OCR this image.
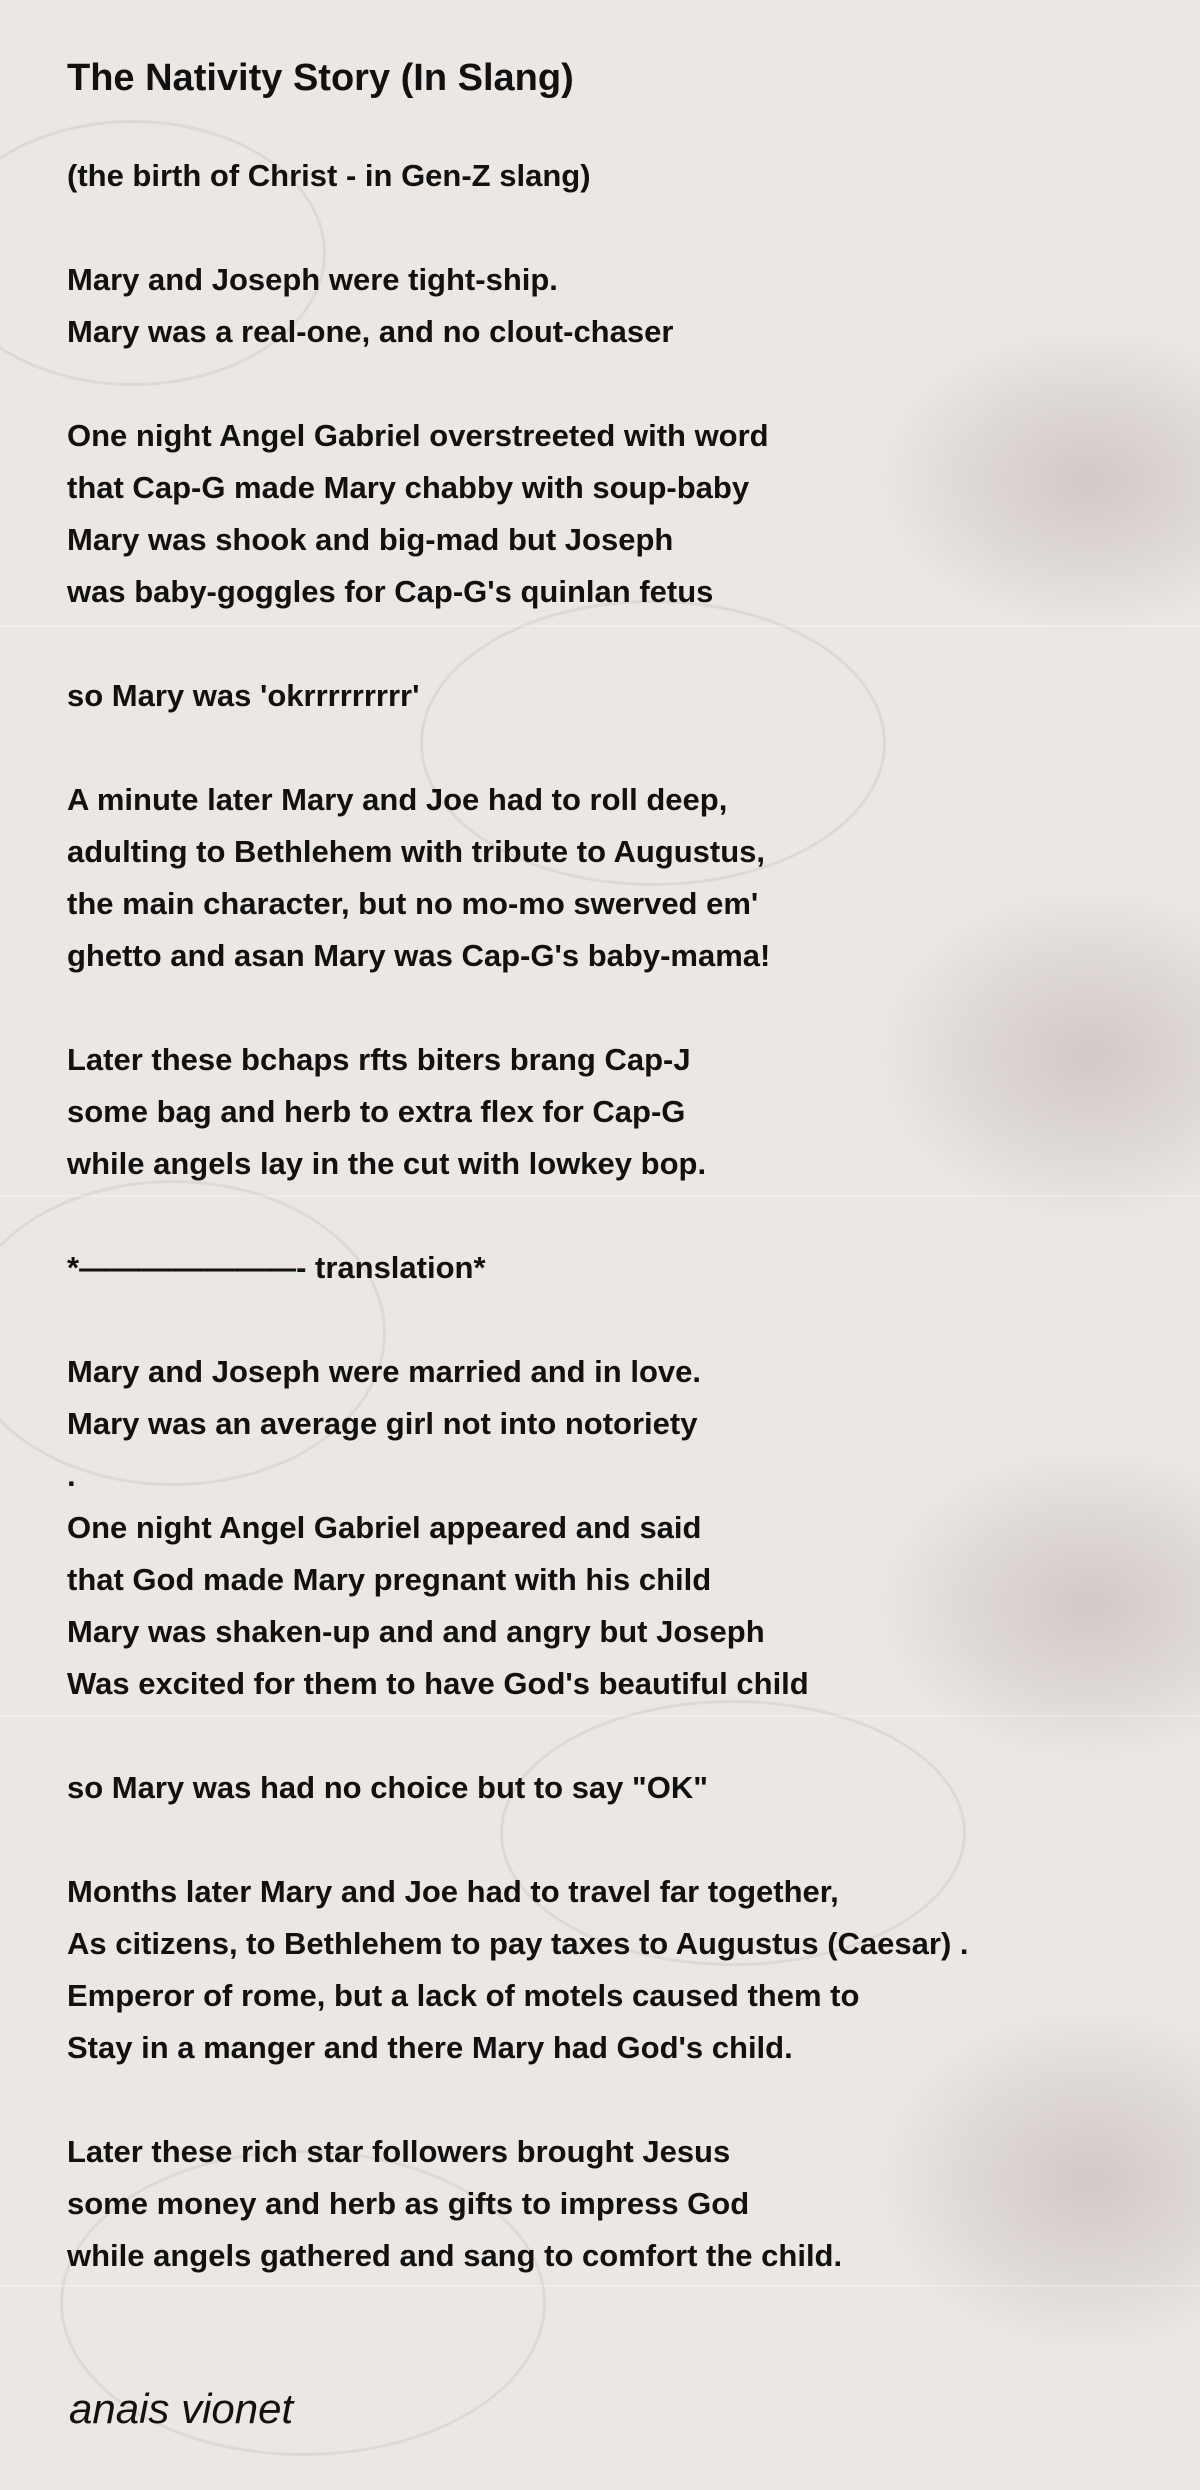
The Nativity Story (In Slang)
(the birth of Christ - in Gen-Z slang)
Mary and Joseph were tight-ship.
Mary was a real-one, and no clout-chaser
One night Angel Gabriel overstreeted with word
that Cap-G made Mary chabby with soup-baby
Mary was shook and big-mad but Joseph
was baby-goggles for Cap-G's quinlan fetus
so Mary was 'okrrrrrrrrr'
A minute later Mary and Joe had to roll deep,
adulting to Bethlehem with tribute to Augustus,
the main character, but no mo-mo swerved em'
ghetto and asan Mary was Cap-G's baby-mama!
Later these bchaps rfts biters brang Cap-J
some bag and herb to extra flex for Cap-G
while angels lay in the cut with lowkey bop.
*———————- translation*
Mary and Joseph were married and in love.
Mary was an average girl not into notoriety
.
One night Angel Gabriel appeared and said
that God made Mary pregnant with his child
Mary was shaken-up and and angry but Joseph
Was excited for them to have God's beautiful child
so Mary was had no choice but to say "OK"
Months later Mary and Joe had to travel far together,
As citizens, to Bethlehem to pay taxes to Augustus (Caesar) .
Emperor of rome, but a lack of motels caused them to
Stay in a manger and there Mary had God's child.
Later these rich star followers brought Jesus
some money and herb as gifts to impress God
while angels gathered and sang to comfort the child.
anais vionet
